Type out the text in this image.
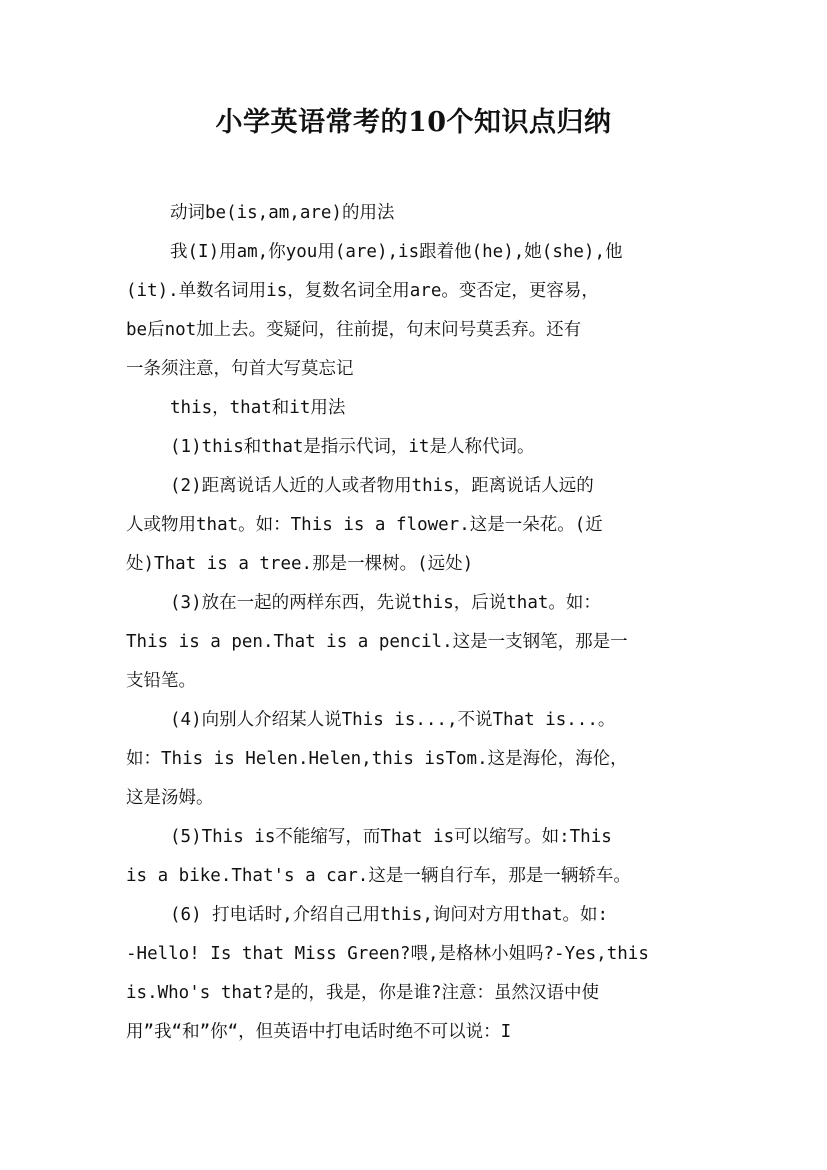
小学英语常考的10个知识点归纳
动词be(is,am,are)的用法
我(I)用am,你you用(are),is跟着他(he),她(she),他
(it).单数名词用is，复数名词全用are。变否定，更容易，
be后not加上去。变疑问，往前提，句末问号莫丢弃。还有
一条须注意，句首大写莫忘记
this，that和it用法
(1)this和that是指示代词，it是人称代词。
(2)距离说话人近的人或者物用this，距离说话人远的
人或物用that。如：This is a flower.这是一朵花。(近
处)That is a tree.那是一棵树。(远处)
(3)放在一起的两样东西，先说this，后说that。如：
This is a pen.That is a pencil.这是一支钢笔，那是一
支铅笔。
(4)向别人介绍某人说This is...,不说That is...。
如：This is Helen.Helen,this isTom.这是海伦，海伦，
这是汤姆。
(5)This is不能缩写，而That is可以缩写。如:This
is a bike.That's a car.这是一辆自行车，那是一辆轿车。
(6) 打电话时,介绍自己用this,询问对方用that。如:
-Hello! Is that Miss Green?喂,是格林小姐吗?-Yes,this
is.Who's that?是的，我是，你是谁?注意：虽然汉语中使
用”我“和”你“，但英语中打电话时绝不可以说：I
